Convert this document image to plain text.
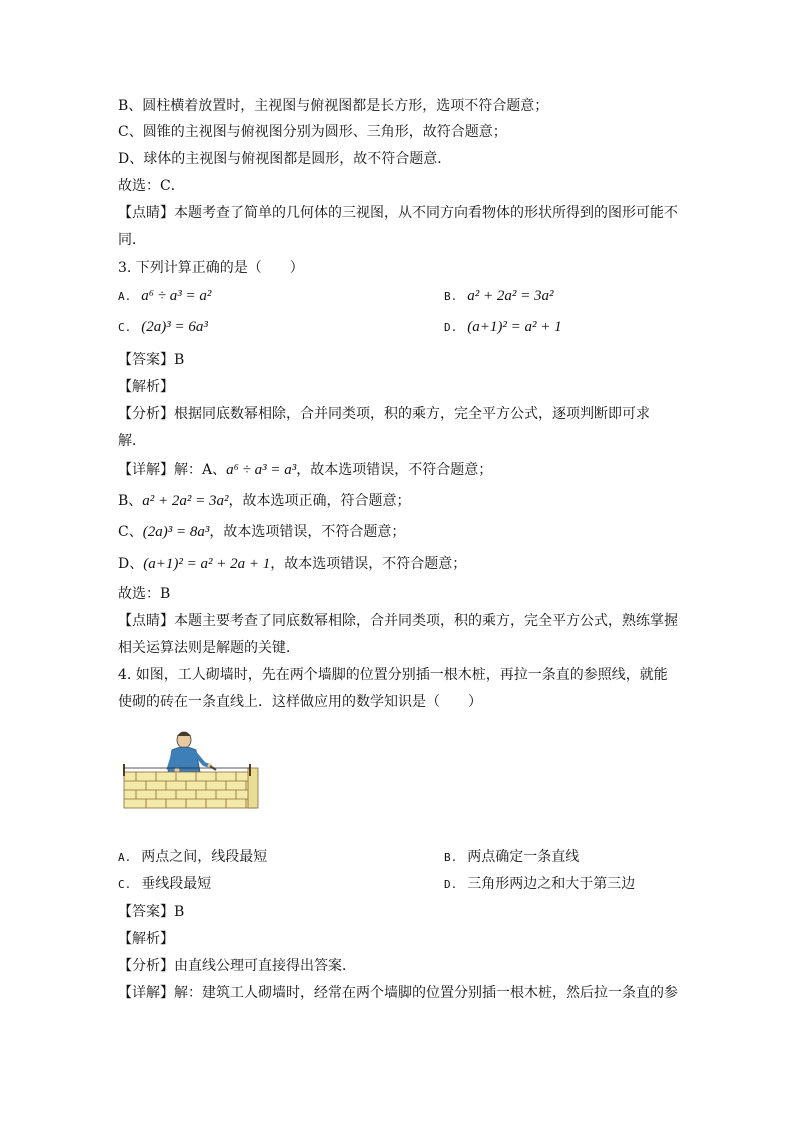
B、圆柱横着放置时，主视图与俯视图都是长方形，选项不符合题意；
C、圆锥的主视图与俯视图分别为圆形、三角形，故符合题意；
D、球体的主视图与俯视图都是圆形，故不符合题意．
故选：C．
【点睛】本题考查了简单的几何体的三视图，从不同方向看物体的形状所得到的图形可能不
同．
3. 下列计算正确的是（　　）
A. a⁶ ÷ a³ = a²	B. a² + 2a² = 3a²
C. (2a)³ = 6a³	D. (a+1)² = a² + 1
【答案】B
【解析】
【分析】根据同底数幂相除，合并同类项，积的乘方，完全平方公式，逐项判断即可求
解．
【详解】解：A、a⁶ ÷ a³ = a³，故本选项错误，不符合题意；
B、a² + 2a² = 3a²，故本选项正确，符合题意；
C、(2a)³ = 8a³，故本选项错误，不符合题意；
D、(a+1)² = a² + 2a + 1，故本选项错误，不符合题意；
故选：B
【点睛】本题主要考查了同底数幂相除，合并同类项，积的乘方，完全平方公式，熟练掌握
相关运算法则是解题的关键．
4. 如图，工人砌墙时，先在两个墙脚的位置分别插一根木桩，再拉一条直的参照线，就能
使砌的砖在一条直线上．这样做应用的数学知识是（　　）
A. 两点之间，线段最短	B. 两点确定一条直线
C. 垂线段最短	D. 三角形两边之和大于第三边
【答案】B
【解析】
【分析】由直线公理可直接得出答案．
【详解】解：建筑工人砌墙时，经常在两个墙脚的位置分别插一根木桩，然后拉一条直的参
